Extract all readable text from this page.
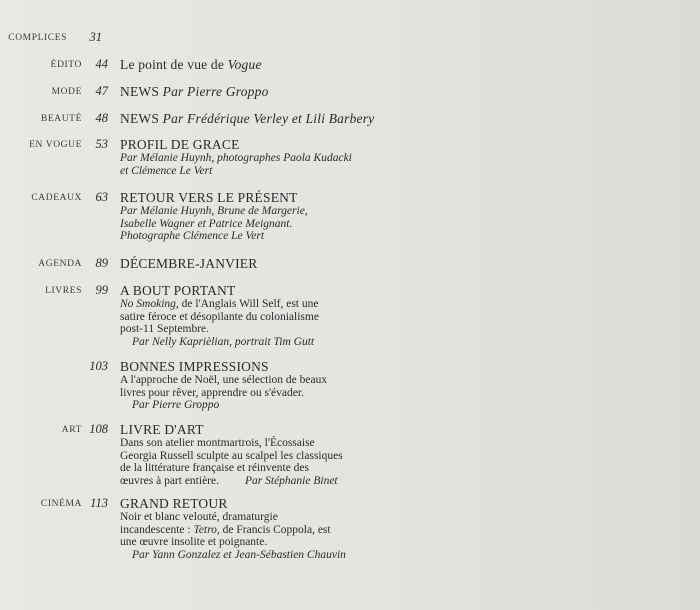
COMPLICES 31
ÉDITO 44 Le point de vue de Vogue
MODE 47 NEWS Par Pierre Groppo
BEAUTÉ 48 NEWS Par Frédérique Verley et Lili Barbery
EN VOGUE 53 PROFIL DE GRACE
Par Mélanie Huynh, photographes Paola Kudacki
et Clémence Le Vert
CADEAUX 63 RETOUR VERS LE PRÉSENT
Par Mélanie Huynh, Brune de Margerie,
Isabelle Wagner et Patrice Meignant.
Photographe Clémence Le Vert
AGENDA 89 DÉCEMBRE-JANVIER
LIVRES 99 A BOUT PORTANT
No Smoking, de l'Anglais Will Self, est une
satire féroce et désopilante du colonialisme
post-11 Septembre.
Par Nelly Kaprièlian, portrait Tim Gutt
103 BONNES IMPRESSIONS
A l'approche de Noël, une sélection de beaux
livres pour rêver, apprendre ou s'évader.
Par Pierre Groppo
ART 108 LIVRE D'ART
Dans son atelier montmartrois, l'Écossaise
Georgia Russell sculpte au scalpel les classiques
de la littérature française et réinvente des
œuvres à part entière.	Par Stéphanie Binet
CINÉMA 113 GRAND RETOUR
Noir et blanc velouté, dramaturgie
incandescente : Tetro, de Francis Coppola, est
une œuvre insolite et poignante.
Par Yann Gonzalez et Jean-Sébastien Chauvin
